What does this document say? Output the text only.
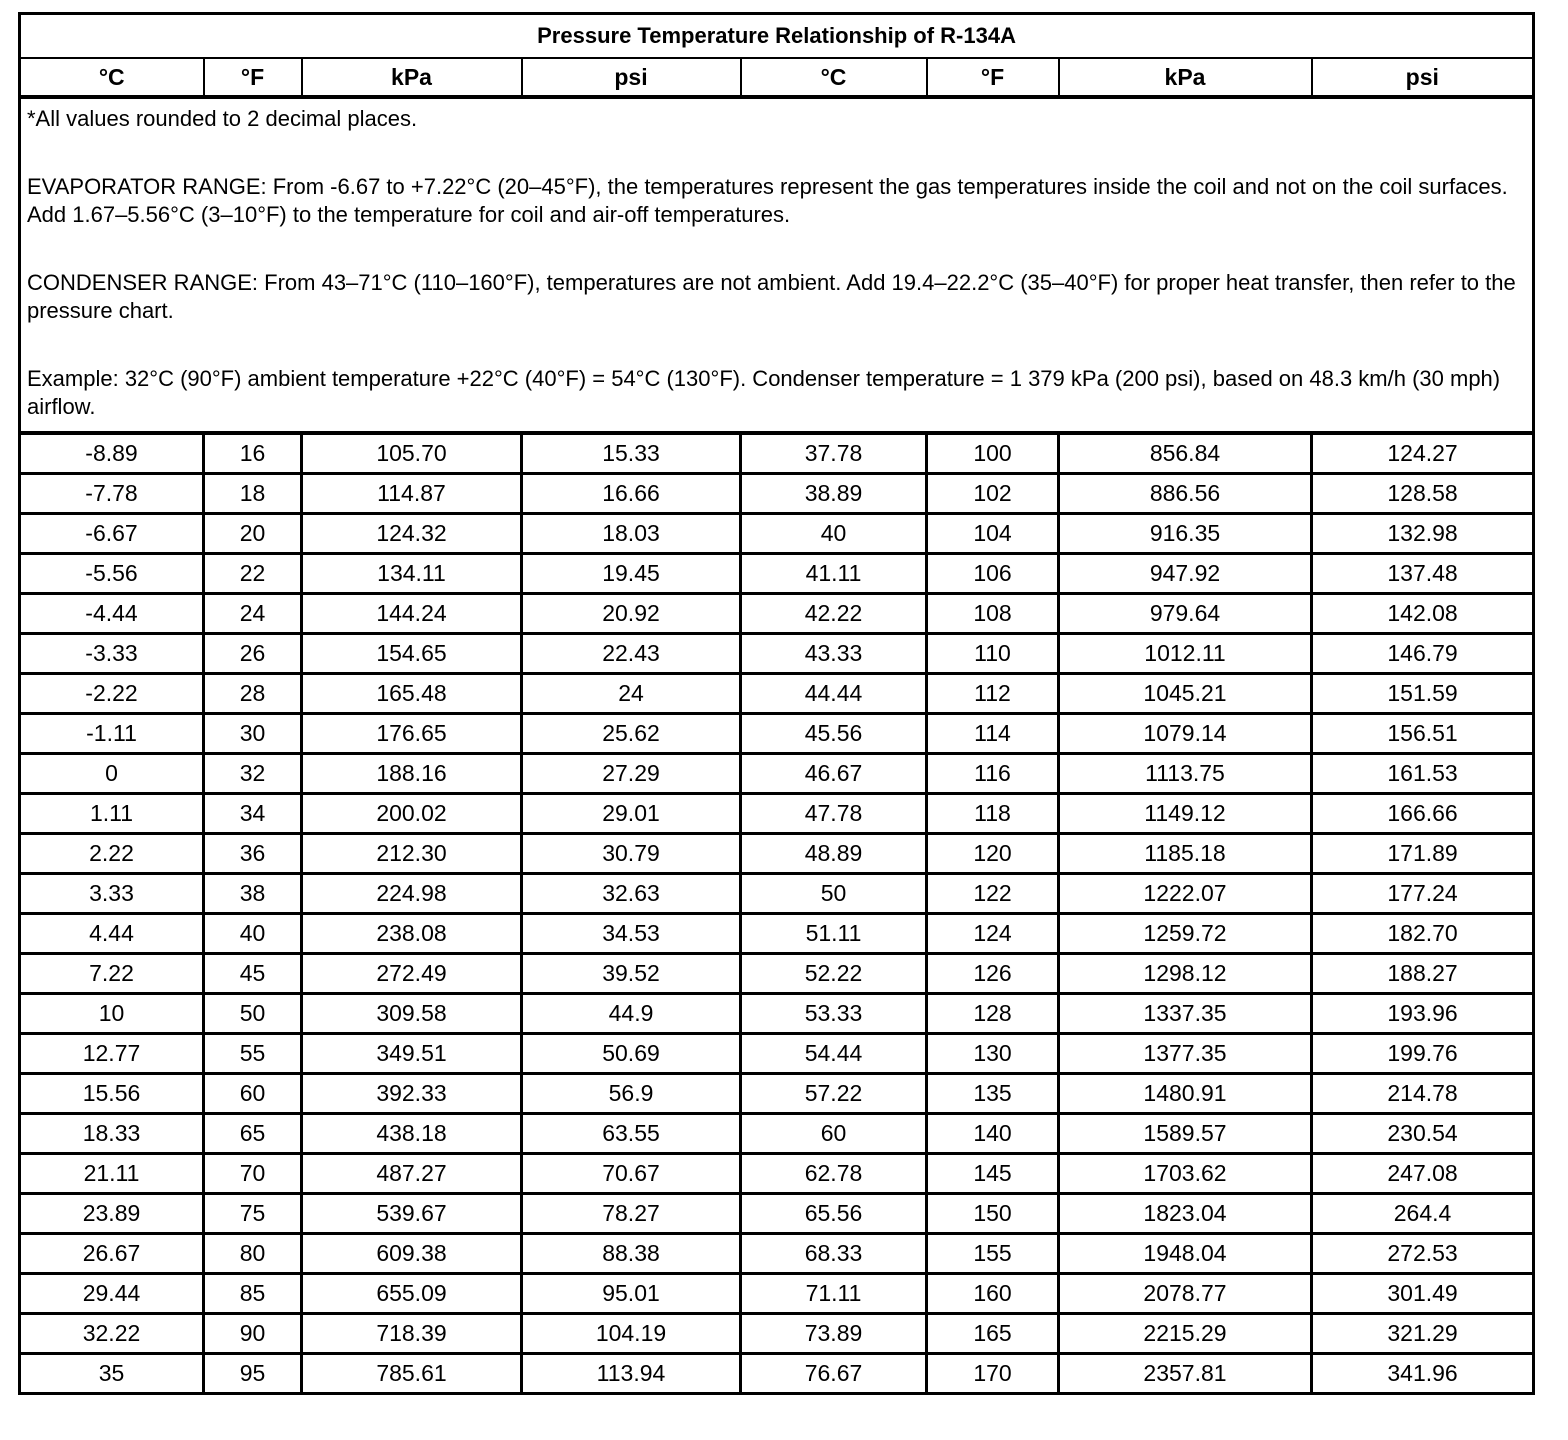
Pressure Temperature Relationship of R-134A							
°C	°F	kPa	psi	°C	°F	kPa	psi

*All values rounded to 2 decimal places.

EVAPORATOR RANGE: From -6.67 to +7.22°C (20–45°F), the temperatures represent the gas temperatures inside the coil and not on the coil surfaces. Add 1.67–5.56°C (3–10°F) to the temperature for coil and air-off temperatures.

CONDENSER RANGE: From 43–71°C (110–160°F), temperatures are not ambient. Add 19.4–22.2°C (35–40°F) for proper heat transfer, then refer to the pressure chart.

Example: 32°C (90°F) ambient temperature +22°C (40°F) = 54°C (130°F). Condenser temperature = 1 379 kPa (200 psi), based on 48.3 km/h (30 mph) airflow.							

-8.89	16	105.70	15.33	37.78	100	856.84	124.27
-7.78	18	114.87	16.66	38.89	102	886.56	128.58
-6.67	20	124.32	18.03	40	104	916.35	132.98
-5.56	22	134.11	19.45	41.11	106	947.92	137.48
-4.44	24	144.24	20.92	42.22	108	979.64	142.08
-3.33	26	154.65	22.43	43.33	110	1012.11	146.79
-2.22	28	165.48	24	44.44	112	1045.21	151.59
-1.11	30	176.65	25.62	45.56	114	1079.14	156.51
0	32	188.16	27.29	46.67	116	1113.75	161.53
1.11	34	200.02	29.01	47.78	118	1149.12	166.66
2.22	36	212.30	30.79	48.89	120	1185.18	171.89
3.33	38	224.98	32.63	50	122	1222.07	177.24
4.44	40	238.08	34.53	51.11	124	1259.72	182.70
7.22	45	272.49	39.52	52.22	126	1298.12	188.27
10	50	309.58	44.9	53.33	128	1337.35	193.96
12.77	55	349.51	50.69	54.44	130	1377.35	199.76
15.56	60	392.33	56.9	57.22	135	1480.91	214.78
18.33	65	438.18	63.55	60	140	1589.57	230.54
21.11	70	487.27	70.67	62.78	145	1703.62	247.08
23.89	75	539.67	78.27	65.56	150	1823.04	264.4
26.67	80	609.38	88.38	68.33	155	1948.04	272.53
29.44	85	655.09	95.01	71.11	160	2078.77	301.49
32.22	90	718.39	104.19	73.89	165	2215.29	321.29
35	95	785.61	113.94	76.67	170	2357.81	341.96
